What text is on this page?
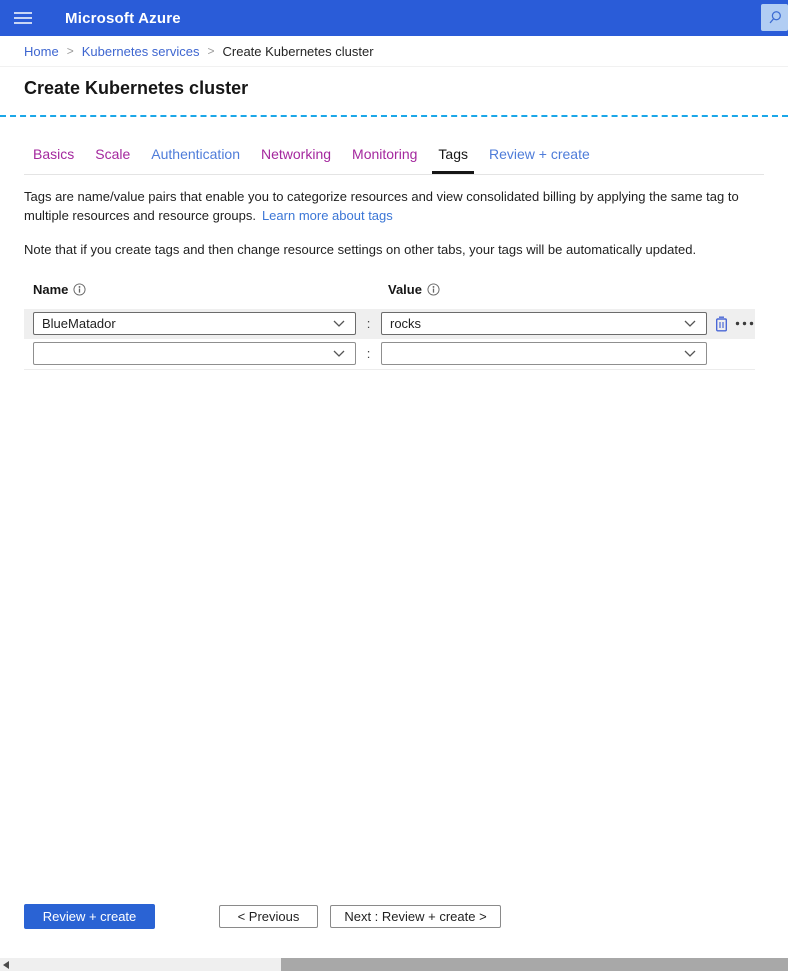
Microsoft Azure
Home > Kubernetes services > Create Kubernetes cluster
Create Kubernetes cluster
Basics Scale Authentication Networking Monitoring	Tags	Review + create

Tags are name/value pairs that enable you to categorize resources and view consolidated billing by applying the same tag to multiple resources and resource groups. Learn more about tags

Note that if you create tags and then change resource settings on other tabs, your tags will be automatically updated.

Name	Value
BlueMatador	:	rocks
:
Review + create	< Previous	Next : Review + create >
